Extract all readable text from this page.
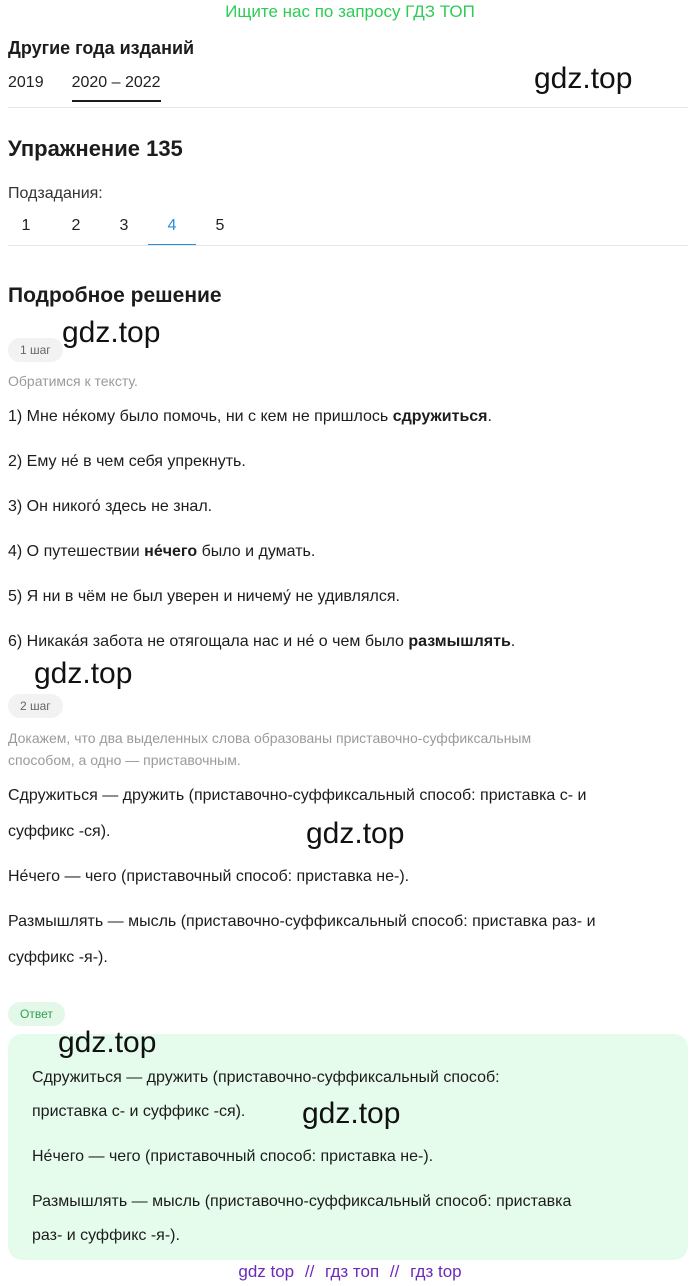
Ищите нас по запросу ГДЗ ТОП
Другие года изданий
2019 2020 – 2022	gdz.top
Упражнение 135
Подзадания:
1	2	3	4	5
Подробное решение
1 шаг
gdz.top
Обратимся к тексту.
1) Мне не́кому было помочь, ни с кем не пришлось сдружиться.
2) Ему не́ в чем себя упрекнуть.
3) Он никого́ здесь не знал.
4) О путешествии не́чего было и думать.
5) Я ни в чём не был уверен и ничему́ не удивлялся.
6) Никака́я забота не отягощала нас и не́ о чем было размышлять.
gdz.top
2 шаг
Докажем, что два выделенных слова образованы приставочно-суффиксальным
способом, а одно — приставочным.
Сдружиться — дружить (приставочно-суффиксальный способ: приставка с- и
суффикс -ся).	gdz.top
Не́чего — чего (приставочный способ: приставка не-).
Размышлять — мысль (приставочно-суффиксальный способ: приставка раз- и
суффикс -я-).
Ответ
gdz.top
Сдружиться — дружить (приставочно-суффиксальный способ:
приставка с- и суффикс -ся).	gdz.top
Не́чего — чего (приставочный способ: приставка не-).
Размышлять — мысль (приставочно-суффиксальный способ: приставка
раз- и суффикс -я-).
gdz top // гдз топ // гдз top
